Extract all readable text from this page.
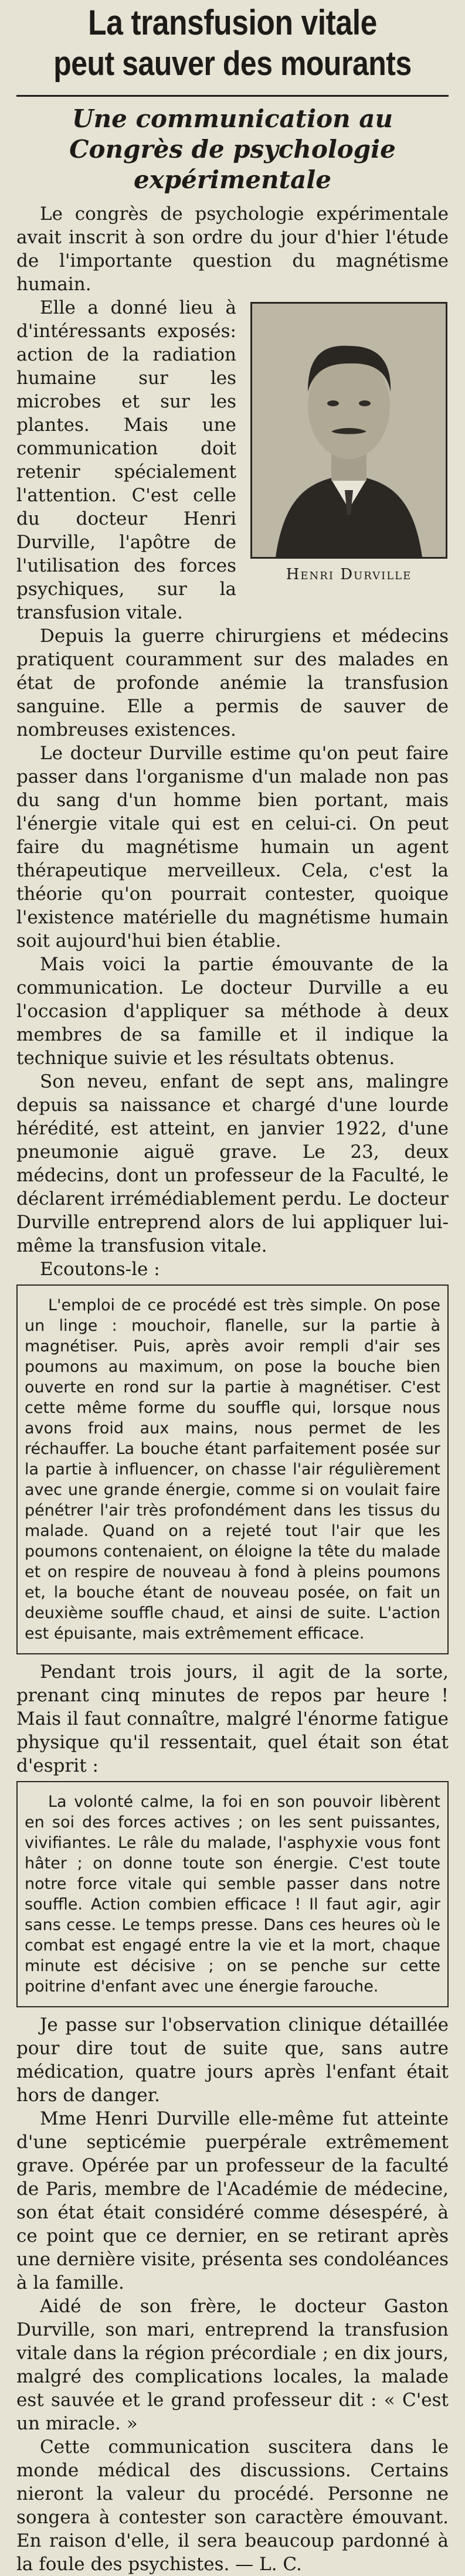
La transfusion vitale
peut sauver des mourants
Une communication au Congrès de psychologie expérimentale

Le congrès de psychologie expérimentale avait inscrit à son ordre du jour d'hier l'étude de l'importante question du magnétisme humain.

Henri Durville

Elle a donné lieu à d'intéressants exposés: action de la radiation humaine sur les microbes et sur les plantes. Mais une communication doit retenir spécialement l'attention. C'est celle du docteur Henri Durville, l'apôtre de l'utilisation des forces psychiques, sur la transfusion vitale.

Depuis la guerre chirurgiens et médecins pratiquent couramment sur des malades en état de profonde anémie la transfusion sanguine. Elle a permis de sauver de nombreuses existences.

Le docteur Durville estime qu'on peut faire passer dans l'organisme d'un malade non pas du sang d'un homme bien portant, mais l'énergie vitale qui est en celui-ci. On peut faire du magnétisme humain un agent thérapeutique merveilleux. Cela, c'est la théorie qu'on pourrait contester, quoique l'existence matérielle du magnétisme humain soit aujourd'hui bien établie.

Mais voici la partie émouvante de la communication. Le docteur Durville a eu l'occasion d'appliquer sa méthode à deux membres de sa famille et il indique la technique suivie et les résultats obtenus.

Son neveu, enfant de sept ans, malingre depuis sa naissance et chargé d'une lourde hérédité, est atteint, en janvier 1922, d'une pneumonie aiguë grave. Le 23, deux médecins, dont un professeur de la Faculté, le déclarent irrémédiablement perdu. Le docteur Durville entreprend alors de lui appliquer lui-même la transfusion vitale.

Ecoutons-le :

L'emploi de ce procédé est très simple. On pose un linge : mouchoir, flanelle, sur la partie à magnétiser. Puis, après avoir rempli d'air ses poumons au maximum, on pose la bouche bien ouverte en rond sur la partie à magnétiser. C'est cette même forme du souffle qui, lorsque nous avons froid aux mains, nous permet de les réchauffer. La bouche étant parfaitement posée sur la partie à influencer, on chasse l'air régulièrement avec une grande énergie, comme si on voulait faire pénétrer l'air très profondément dans les tissus du malade. Quand on a rejeté tout l'air que les poumons contenaient, on éloigne la tête du malade et on respire de nouveau à fond à pleins poumons et, la bouche étant de nouveau posée, on fait un deuxième souffle chaud, et ainsi de suite. L'action est épuisante, mais extrêmement efficace.

Pendant trois jours, il agit de la sorte, prenant cinq minutes de repos par heure ! Mais il faut connaître, malgré l'énorme fatigue physique qu'il ressentait, quel était son état d'esprit :

La volonté calme, la foi en son pouvoir libèrent en soi des forces actives ; on les sent puissantes, vivifiantes. Le râle du malade, l'asphyxie vous font hâter ; on donne toute son énergie. C'est toute notre force vitale qui semble passer dans notre souffle. Action combien efficace ! Il faut agir, agir sans cesse. Le temps presse. Dans ces heures où le combat est engagé entre la vie et la mort, chaque minute est décisive ; on se penche sur cette poitrine d'enfant avec une énergie farouche.

Je passe sur l'observation clinique détaillée pour dire tout de suite que, sans autre médication, quatre jours après l'enfant était hors de danger.

Mme Henri Durville elle-même fut atteinte d'une septicémie puerpérale extrêmement grave. Opérée par un professeur de la faculté de Paris, membre de l'Académie de médecine, son état était considéré comme désespéré, à ce point que ce dernier, en se retirant après une dernière visite, présenta ses condoléances à la famille.

Aidé de son frère, le docteur Gaston Durville, son mari, entreprend la transfusion vitale dans la région précordiale ; en dix jours, malgré des complications locales, la malade est sauvée et le grand professeur dit : « C'est un miracle. »

Cette communication suscitera dans le monde médical des discussions. Certains nieront la valeur du procédé. Personne ne songera à contester son caractère émouvant. En raison d'elle, il sera beaucoup pardonné à la foule des psychistes. — L. C.
